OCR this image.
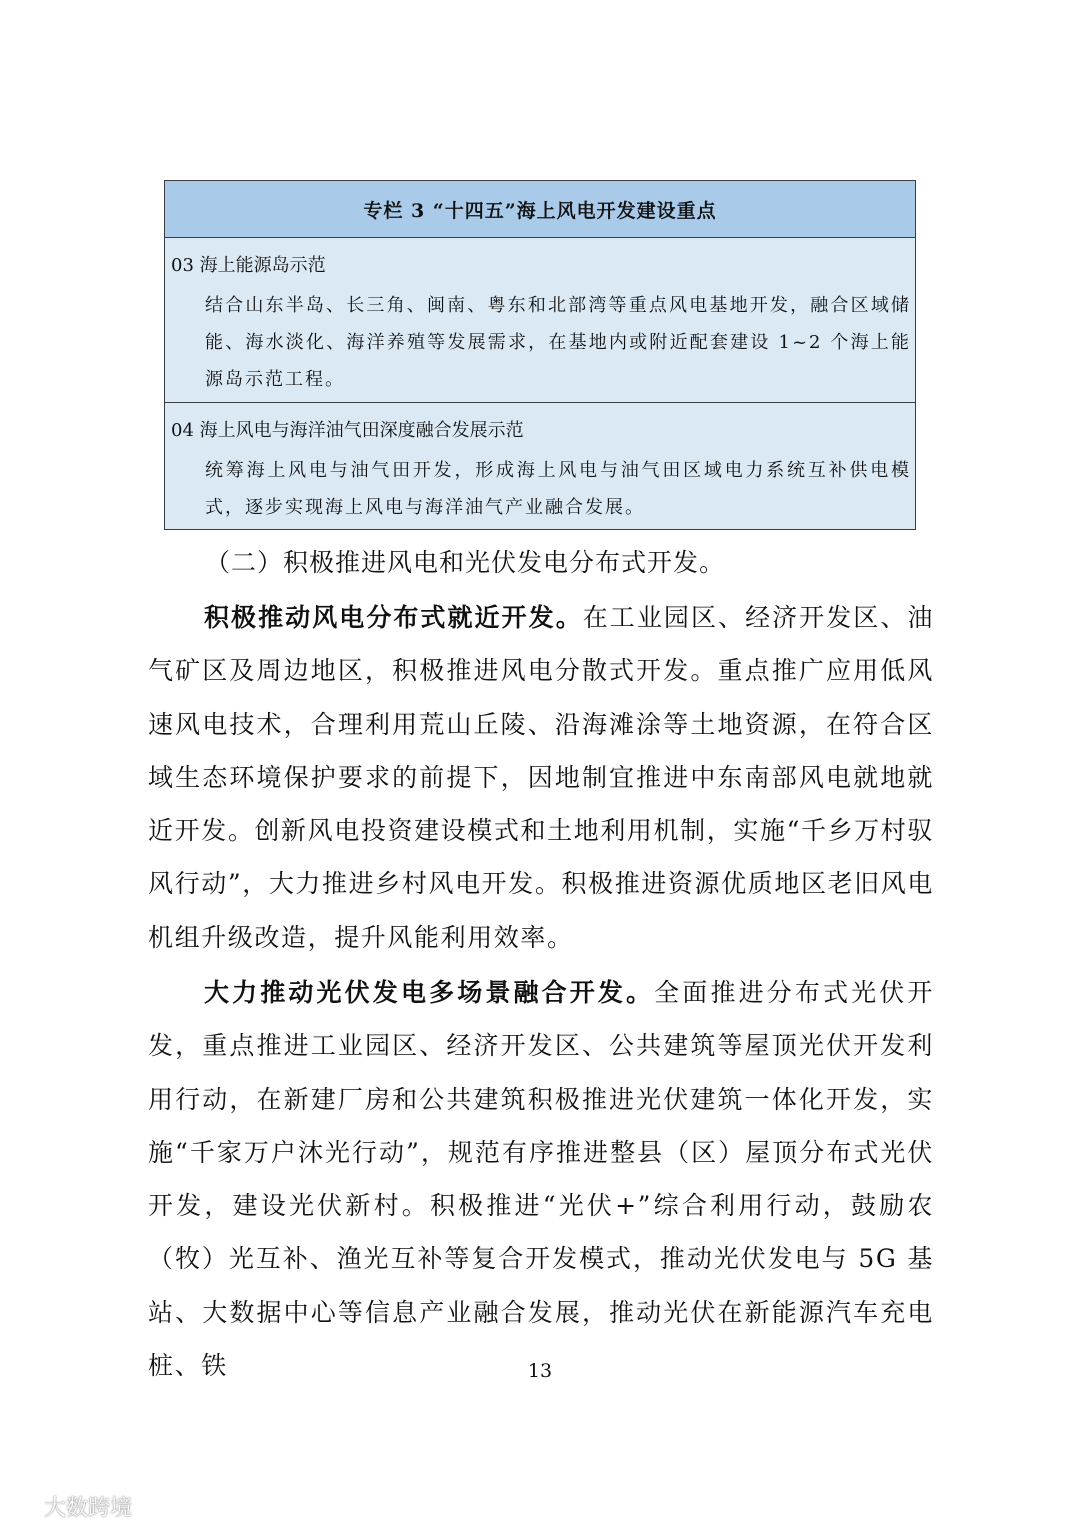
专栏 3 “十四五”海上风电开发建设重点
03 海上能源岛示范
结合山东半岛、长三角、闽南、粤东和北部湾等重点风电基地开发，融合区域储能、海水淡化、海洋养殖等发展需求，在基地内或附近配套建设 1~2 个海上能源岛示范工程。
04 海上风电与海洋油气田深度融合发展示范
统筹海上风电与油气田开发，形成海上风电与油气田区域电力系统互补供电模式，逐步实现海上风电与海洋油气产业融合发展。
（二）积极推进风电和光伏发电分布式开发。

积极推动风电分布式就近开发。在工业园区、经济开发区、油气矿区及周边地区，积极推进风电分散式开发。重点推广应用低风速风电技术，合理利用荒山丘陵、沿海滩涂等土地资源，在符合区域生态环境保护要求的前提下，因地制宜推进中东南部风电就地就近开发。创新风电投资建设模式和土地利用机制，实施“千乡万村驭风行动”，大力推进乡村风电开发。积极推进资源优质地区老旧风电机组升级改造，提升风能利用效率。

大力推动光伏发电多场景融合开发。全面推进分布式光伏开发，重点推进工业园区、经济开发区、公共建筑等屋顶光伏开发利用行动，在新建厂房和公共建筑积极推进光伏建筑一体化开发，实施“千家万户沐光行动”，规范有序推进整县（区）屋顶分布式光伏开发，建设光伏新村。积极推进“光伏+”综合利用行动，鼓励农（牧）光互补、渔光互补等复合开发模式，推动光伏发电与 5G 基站、大数据中心等信息产业融合发展，推动光伏在新能源汽车充电桩、铁	13
大数跨境
